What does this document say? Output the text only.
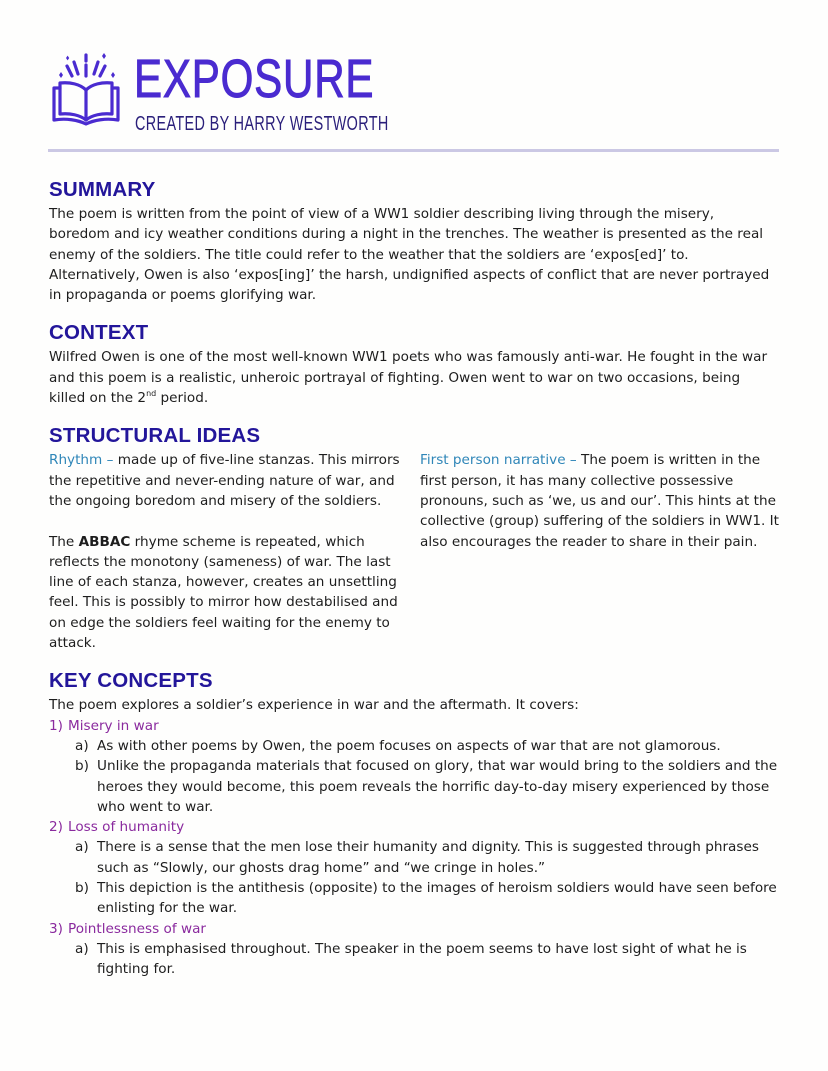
EXPOSURE
CREATED BY HARRY WESTWORTH
SUMMARY

The poem is written from the point of view of a WW1 soldier describing living through the misery, boredom and icy weather conditions during a night in the trenches. The weather is presented as the real enemy of the soldiers. The title could refer to the weather that the soldiers are ‘expos[ed]’ to. Alternatively, Owen is also ‘expos[ing]’ the harsh, undignified aspects of conflict that are never portrayed in propaganda or poems glorifying war.

CONTEXT

Wilfred Owen is one of the most well-known WW1 poets who was famously anti-war. He fought in the war and this poem is a realistic, unheroic portrayal of fighting. Owen went to war on two occasions, being killed on the 2nd period.

STRUCTURAL IDEAS

Rhythm – made up of five-line stanzas. This mirrors the repetitive and never-ending nature of war, and the ongoing boredom and misery of the soldiers.

The ABBAC rhyme scheme is repeated, which reflects the monotony (sameness) of war. The last line of each stanza, however, creates an unsettling feel. This is possibly to mirror how destabilised and on edge the soldiers feel waiting for the enemy to attack.

First person narrative – The poem is written in the first person, it has many collective possessive pronouns, such as ‘we, us and our’. This hints at the collective (group) suffering of the soldiers in WW1. It also encourages the reader to share in their pain.

KEY CONCEPTS

The poem explores a soldier’s experience in war and the aftermath. It covers:

1) Misery in war
a) As with other poems by Owen, the poem focuses on aspects of war that are not glamorous.
b) Unlike the propaganda materials that focused on glory, that war would bring to the soldiers and the heroes they would become, this poem reveals the horrific day-to-day misery experienced by those who went to war.
2) Loss of humanity
a) There is a sense that the men lose their humanity and dignity. This is suggested through phrases such as “Slowly, our ghosts drag home” and “we cringe in holes.”
b) This depiction is the antithesis (opposite) to the images of heroism soldiers would have seen before enlisting for the war.
3) Pointlessness of war
a) This is emphasised throughout. The speaker in the poem seems to have lost sight of what he is fighting for.
